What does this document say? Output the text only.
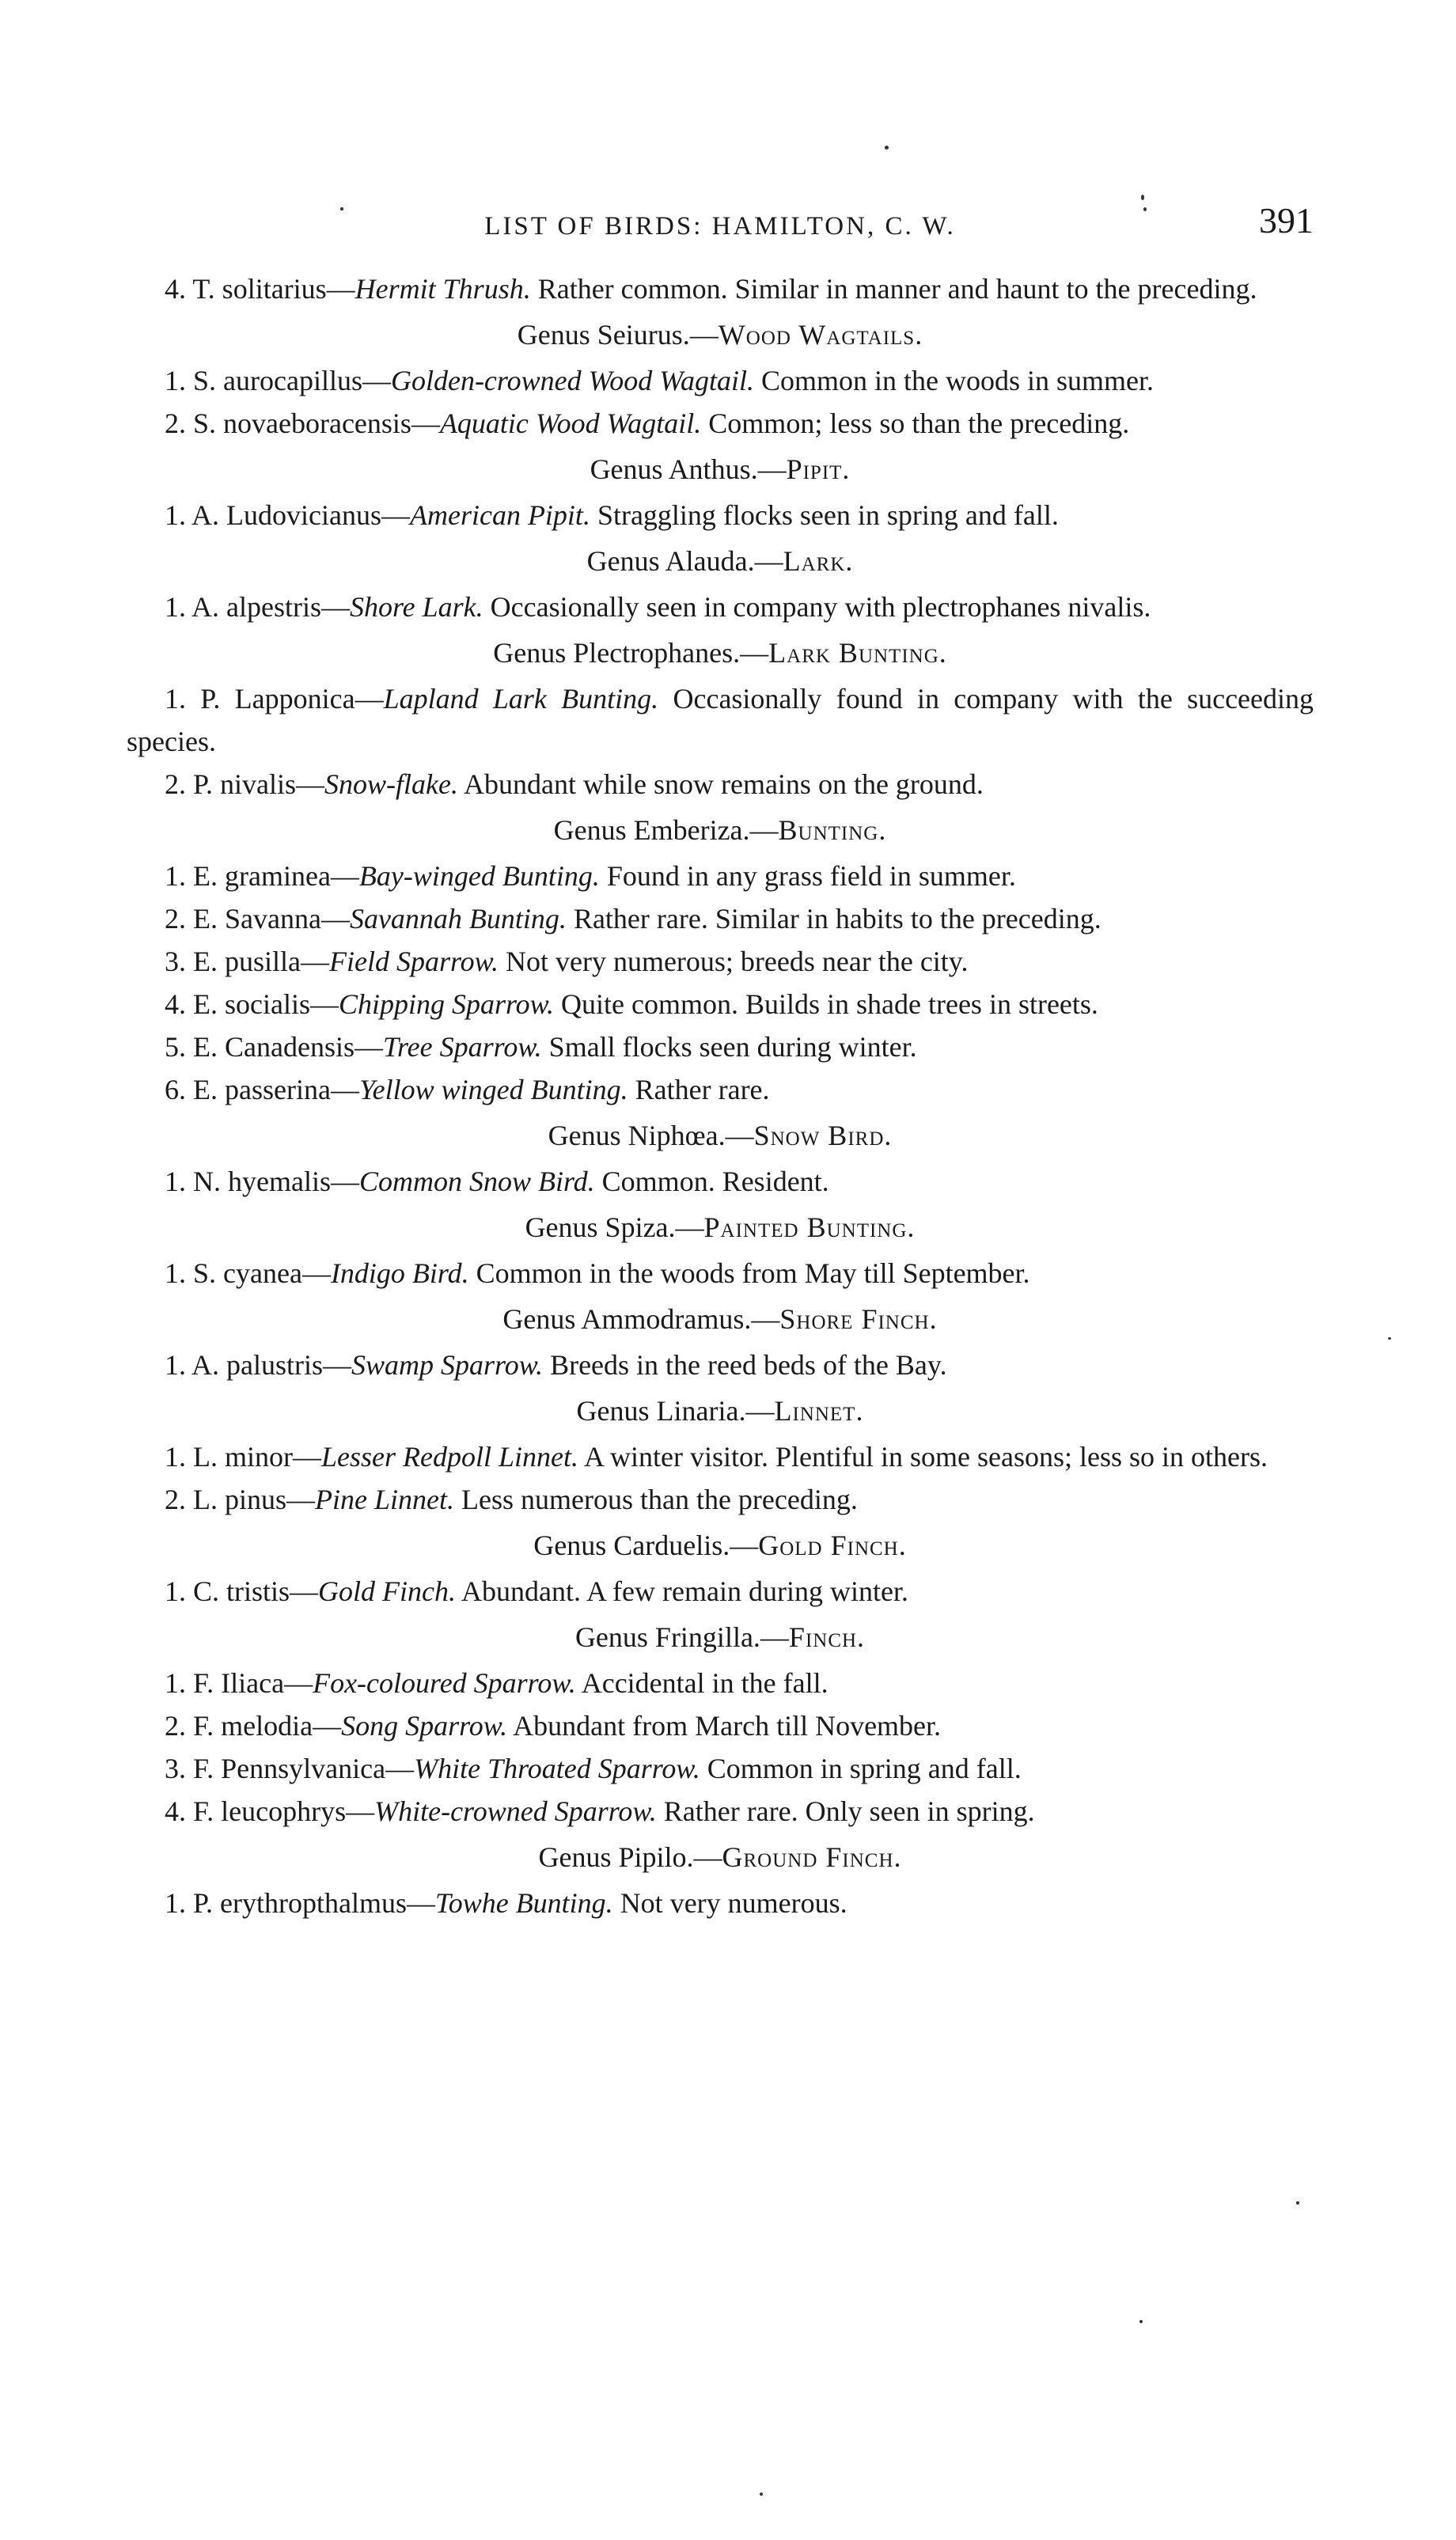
LIST OF BIRDS: HAMILTON, C. W.	391

4. T. solitarius—Hermit Thrush. Rather common. Similar in manner and haunt to the preceding.

Genus Seiurus.—Wood Wagtails.

1. S. aurocapillus—Golden-crowned Wood Wagtail. Common in the woods in summer.

2. S. novaeboracensis—Aquatic Wood Wagtail. Common; less so than the preceding.

Genus Anthus.—Pipit.

1. A. Ludovicianus—American Pipit. Straggling flocks seen in spring and fall.

Genus Alauda.—Lark.

1. A. alpestris—Shore Lark. Occasionally seen in company with plectrophanes nivalis.

Genus Plectrophanes.—Lark Bunting.

1. P. Lapponica—Lapland Lark Bunting. Occasionally found in company with the succeeding species.

2. P. nivalis—Snow-flake. Abundant while snow remains on the ground.

Genus Emberiza.—Bunting.

1. E. graminea—Bay-winged Bunting. Found in any grass field in summer.

2. E. Savanna—Savannah Bunting. Rather rare. Similar in habits to the preceding.

3. E. pusilla—Field Sparrow. Not very numerous; breeds near the city.

4. E. socialis—Chipping Sparrow. Quite common. Builds in shade trees in streets.

5. E. Canadensis—Tree Sparrow. Small flocks seen during winter.

6. E. passerina—Yellow winged Bunting. Rather rare.

Genus Niphœa.—Snow Bird.

1. N. hyemalis—Common Snow Bird. Common. Resident.

Genus Spiza.—Painted Bunting.

1. S. cyanea—Indigo Bird. Common in the woods from May till September.

Genus Ammodramus.—Shore Finch.

1. A. palustris—Swamp Sparrow. Breeds in the reed beds of the Bay.

Genus Linaria.—Linnet.

1. L. minor—Lesser Redpoll Linnet. A winter visitor. Plentiful in some seasons; less so in others.

2. L. pinus—Pine Linnet. Less numerous than the preceding.

Genus Carduelis.—Gold Finch.

1. C. tristis—Gold Finch. Abundant. A few remain during winter.

Genus Fringilla.—Finch.

1. F. Iliaca—Fox-coloured Sparrow. Accidental in the fall.

2. F. melodia—Song Sparrow. Abundant from March till November.

3. F. Pennsylvanica—White Throated Sparrow. Common in spring and fall.

4. F. leucophrys—White-crowned Sparrow. Rather rare. Only seen in spring.

Genus Pipilo.—Ground Finch.

1. P. erythropthalmus—Towhe Bunting. Not very numerous.
